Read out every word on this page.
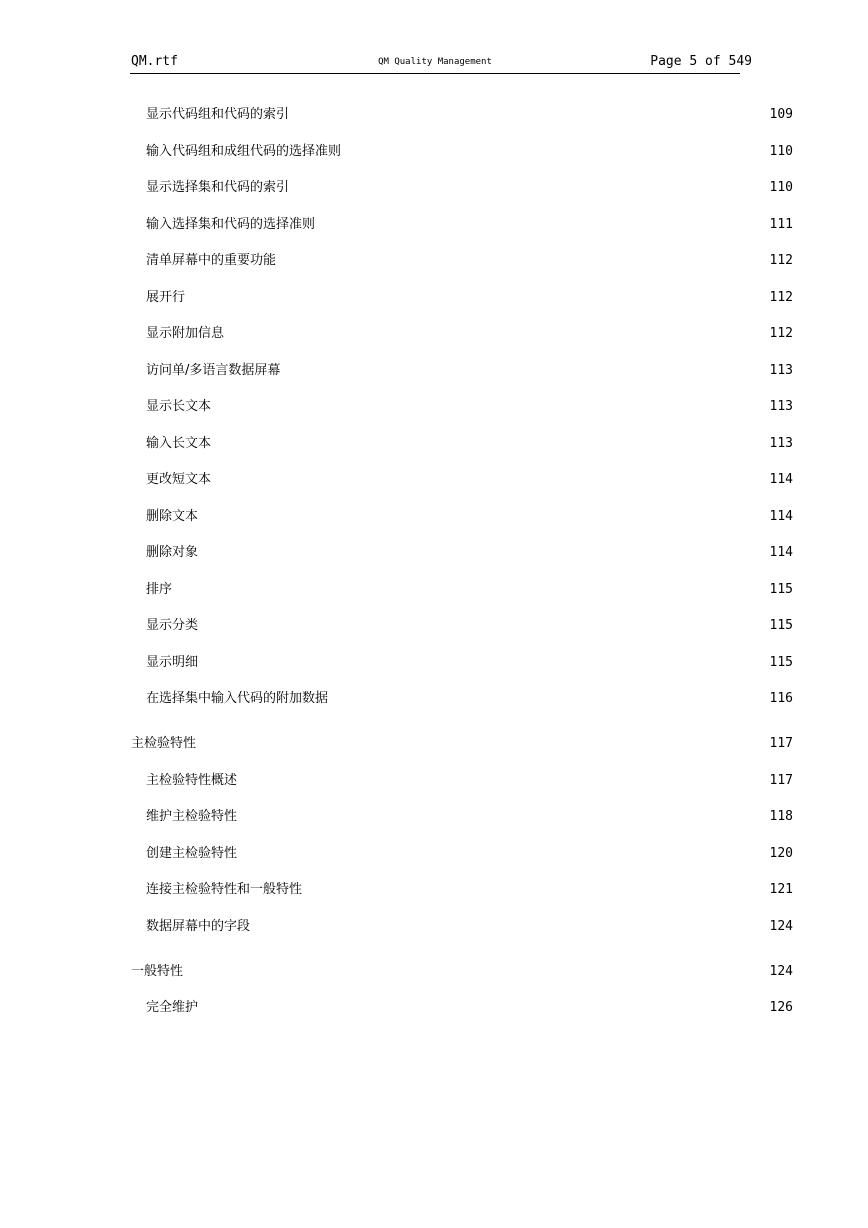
QM.rtf	QM Quality Management	Page 5 of 549
显示代码组和代码的索引	109
输入代码组和成组代码的选择准则	110
显示选择集和代码的索引	110
输入选择集和代码的选择准则	111
清单屏幕中的重要功能	112
展开行	112
显示附加信息	112
访问单/多语言数据屏幕	113
显示长文本	113
输入长文本	113
更改短文本	114
删除文本	114
删除对象	114
排序	115
显示分类	115
显示明细	115
在选择集中输入代码的附加数据	116
主检验特性	117
主检验特性概述	117
维护主检验特性	118
创建主检验特性	120
连接主检验特性和一般特性	121
数据屏幕中的字段	124
一般特性	124
完全维护	126
